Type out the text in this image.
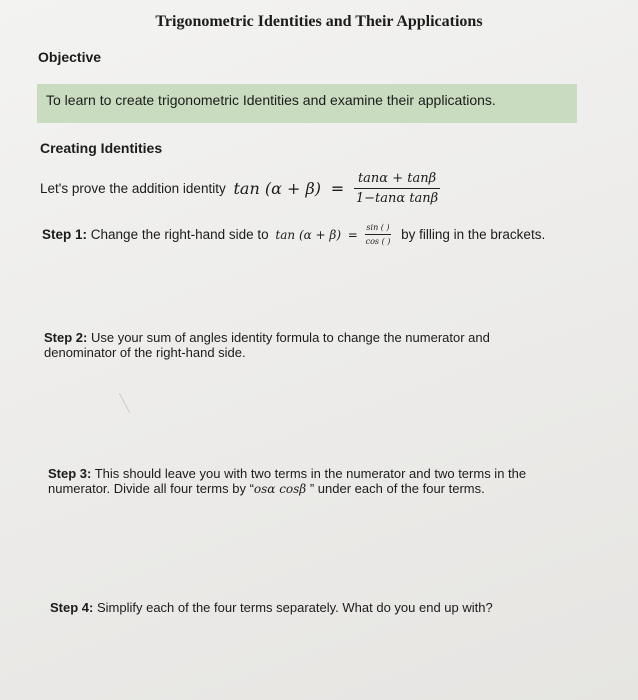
Trigonometric Identities and Their Applications
Objective
To learn to create trigonometric Identities and examine their applications.
Creating Identities
Let's prove the addition identity $\tan (\alpha + \beta) = \frac{\tan\alpha + \tan\beta}{\text{1−tanα tanβ}}$
Step 1: Change the right-hand side to $\tan (\alpha + \beta) = \frac{\sin ( )}{\cos ( )}$ by filling in the brackets.
Step 2: Use your sum of angles identity formula to change the numerator and denominator of the right-hand side.
Step 3: This should leave you with two terms in the numerator and two terms in the numerator. Divide all four terms by “osα cosβ ” under each of the four terms.
Step 4: Simplify each of the four terms separately. What do you end up with?
